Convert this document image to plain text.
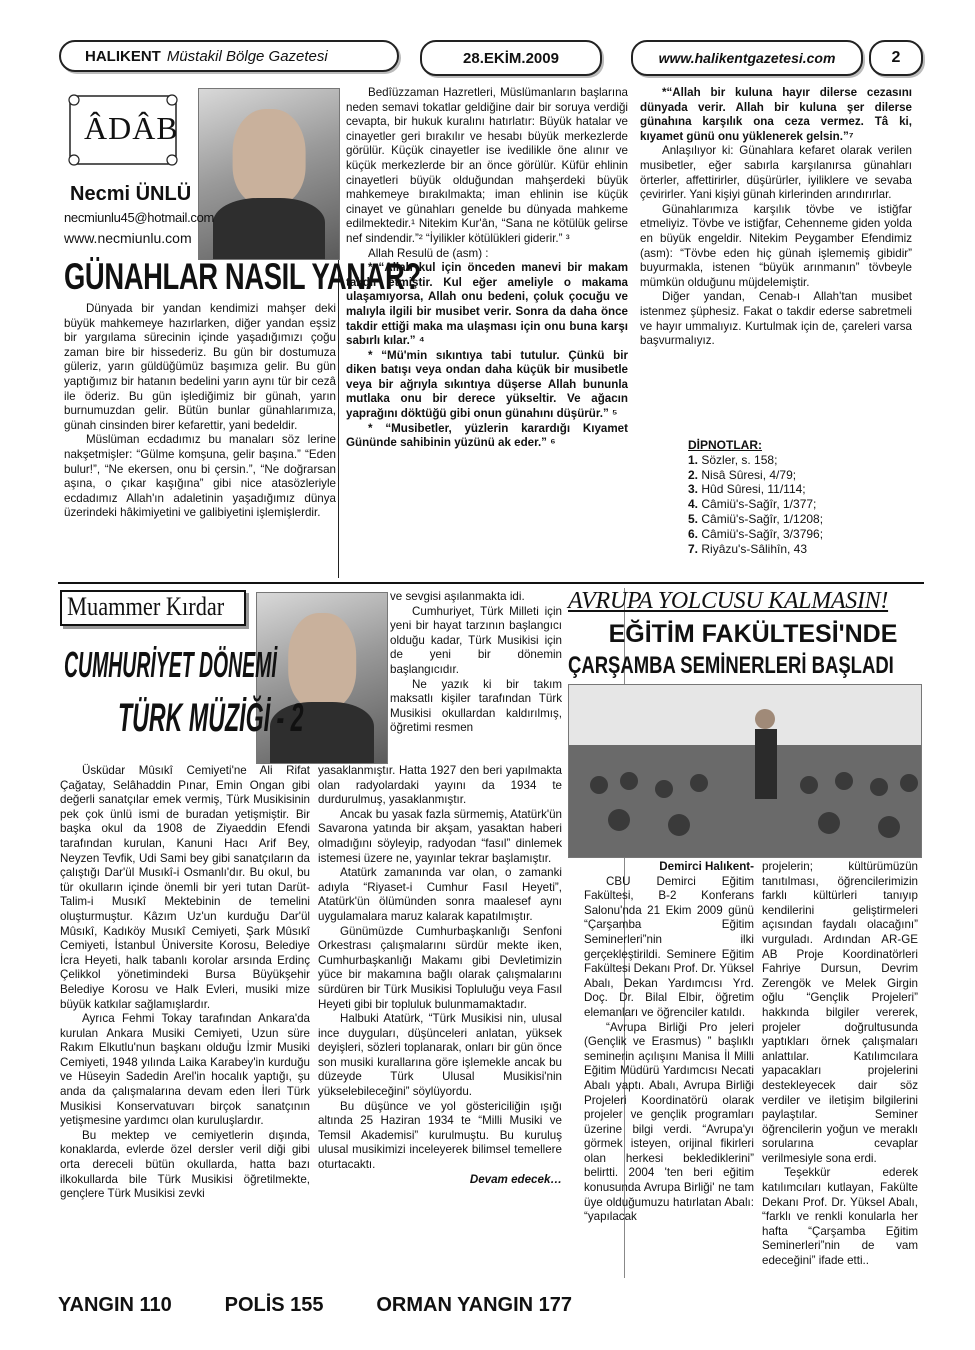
HALIKENT Müstakil Bölge Gazetesi	28.EKİM.2009	www.halikentgazetesi.com	2
ÂDÂB
Necmi ÜNLÜ
necmiunlu45@hotmail.com
www.necmiunlu.com
GÜNAHLAR NASIL YANAR?

Dünyada bir yandan kendimizi mahşer deki büyük mahkemeye hazırlarken, diğer yandan eşsiz bir yargılama sürecinin içinde yaşadığımızı çoğu zaman bire bir hissederiz. Bu gün bir dostumuza güleriz, yarın güldüğümüz başımıza gelir. Bu gün yaptığımız bir hatanın bedelini yarın aynı tür bir cezâ ile öderiz. Bu gün işlediğimiz bir günah, yarın burnumuzdan gelir. Bütün bunlar günahlarımıza, günah cinsinden birer kefarettir, yani bedeldir.

Müslüman ecdadımız bu manaları söz lerine nakşetmişler: “Gülme komşuna, gelir başına.” “Eden bulur!”, “Ne ekersen, onu bi çersin.”, “Ne doğrarsan aşına, o çıkar kaşığına” gibi nice atasözleriyle ecdadımız Allah'ın adaletinin yaşadığımız dünya üzerindeki hâkimiyetini ve galibiyetini işlemişlerdir.

Bedîüzzaman Hazretleri, Müslümanların başlarına neden semavi tokatlar geldiğine dair bir soruya verdiği cevapta, bir hukuk kuralını hatırlatır: Büyük hatalar ve cinayetler geri bırakılır ve hesabı büyük merkezlerde görülür. Küçük cinayetler ise ivedilikle öne alınır ve küçük merkezlerde bir an önce görülür. Küfür ehlinin cinayetleri büyük olduğundan mahşerdeki büyük mahkemeye bırakılmakta; iman ehlinin ise küçük cinayet ve günahları genelde bu dünyada mahkeme edilmektedir.¹ Nitekim Kur'ân, “Sana ne kötülük gelirse nef sindendir.”² “İyilikler kötülükleri giderir.” ³

Allah Resulü de (asm) :

* “Allah kul için önceden manevi bir makam takdir etmiştir. Kul eğer ameliyle o makama ulaşamıyorsa, Allah onu bedeni, çoluk çocuğu ve malıyla ilgili bir musibet verir. Sonra da daha önce takdir ettiği maka ma ulaşması için onu buna karşı sabırlı kılar.” ⁴

* “Mü'min sıkıntıya tabi tutulur. Çünkü bir diken batışı veya ondan daha küçük bir musibetle veya bir ağrıyla sıkıntıya düşerse Allah bununla mutlaka onu bir derece yükseltir. Ve ağacın yaprağını döktüğü gibi onun günahını düşürür.” ⁵

* “Musibetler, yüzlerin karardığı Kıyamet Gününde sahibinin yüzünü ak eder.” ⁶

*“Allah bir kuluna hayır dilerse cezasını dünyada verir. Allah bir kuluna şer dilerse günahına karşılık ona ceza vermez. Tâ ki, kıyamet günü onu yüklenerek gelsin.”⁷

Anlaşılıyor ki: Günahlara kefaret olarak verilen musibetler, eğer sabırla karşılanırsa günahları örterler, affettirirler, düşürürler, iyiliklere ve sevaba çevirirler. Yani kişiyi günah kirlerinden arındırırlar.

Günahlarımıza karşılık tövbe ve istiğfar etmeliyiz. Tövbe ve istiğfar, Cehenneme giden yolda en büyük engeldir. Nitekim Peygamber Efendimiz (asm): “Tövbe eden hiç günah işlememiş gibidir” buyurmakla, istenen “büyük arınmanın” tövbeyle mümkün olduğunu müjdelemiştir.

Diğer yandan, Cenab-ı Allah'tan musibet istenmez şüphesiz. Fakat o takdir ederse sabretmeli ve hayır ummalıyız. Kurtulmak için de, çareleri varsa başvurmalıyız.

DİPNOTLAR:
1. Sözler, s. 158;
2. Nisâ Sûresi, 4/79;
3. Hûd Sûresi, 11/114;
4. Câmiü's-Sağîr, 1/377;
5. Câmiü's-Sağîr, 1/1208;
6. Câmiü's-Sağîr, 3/3796;
7. Riyâzu's-Sâlihîn, 43
Muammer Kırdar
CUMHURİYET DÖNEMİ
TÜRK MÜZİĞİ - 2

Üsküdar Mûsıkî Cemiyeti'ne Ali Rifat Çağatay, Selâhaddin Pınar, Emin Ongan gibi değerli sanatçılar emek vermiş, Türk Musikisinin pek çok ünlü ismi de buradan yetişmiştir. Bir başka okul da 1908 de Ziyaeddin Efendi tarafından kurulan, Kanuni Hacı Arif Bey, Neyzen Tevfik, Udi Sami bey gibi sanatçıların da çalıştığı Dar'ül Musıkî-i Osmanlı'dır. Bu okul, bu tür okulların içinde önemli bir yeri tutan Darüt-Talim-i Musıkî Mektebinin de temelini oluşturmuştur. Kâzım Uz'un kurduğu Dar'ül Mûsıkî, Kadıköy Musıkî Cemiyeti, Şark Mûsıkî Cemiyeti, İstanbul Üniversite Korosu, Belediye İcra Heyeti, halk tabanlı korolar arsında Erdinç Çelikkol yönetimindeki Bursa Büyükşehir Belediye Korosu ve Halk Evleri, musiki mize büyük katkılar sağlamışlardır.

Ayrıca Fehmi Tokay tarafından Ankara'da kurulan Ankara Musiki Cemiyeti, Uzun süre Rakım Elkutlu'nun başkanı olduğu İzmir Musiki Cemiyeti, 1948 yılında Laika Karabey'in kurduğu ve Hüseyin Sadedin Arel'in hocalık yaptığı, şu anda da çalışmalarına devam eden İleri Türk Musikisi Konservatuvarı birçok sanatçının yetişmesine yardımcı olan kuruluşlardır.

Bu mektep ve cemiyetlerin dışında, konaklarda, evlerde özel dersler veril diği gibi orta dereceli bütün okullarda, hatta bazı ilkokullarda bile Türk Musikisi öğretilmekte, gençlere Türk Musikisi zevki

ve sevgisi aşılanmakta idi.

Cumhuriyet, Türk Milleti için yeni bir hayat tarzının başlangıcı olduğu kadar, Türk Musikisi için de yeni bir dönemin başlangıcıdır.

Ne yazık ki bir takım maksatlı kişiler tarafından Türk Musikisi okullardan kaldırılmış, öğretimi resmen

yasaklanmıştır. Hatta 1927 den beri yapılmakta olan radyolardaki yayını da 1934 te durdurulmuş, yasaklanmıştır.

Ancak bu yasak fazla sürmemiş, Atatürk'ün Savarona yatında bir akşam, yasaktan haberi olmadığını söyleyip, radyodan “fasıl” dinlemek istemesi üzere ne, yayınlar tekrar başlamıştır.

Atatürk zamanında var olan, o zamanki adıyla “Riyaset-i Cumhur Fasıl Heyeti”, Atatürk'ün ölümünden sonra maalesef aynı uygulamalara maruz kalarak kapatılmıştır.

Günümüzde Cumhurbaşkanlığı Senfoni Orkestrası çalışmalarını sürdür mekte iken, Cumhurbaşkanlığı Makamı gibi Devletimizin yüce bir makamına bağlı olarak çalışmalarını sürdüren bir Türk Musikisi Topluluğu veya Fasıl Heyeti gibi bir topluluk bulunmamaktadır.

Halbuki Atatürk, “Türk Musikisi nin, ulusal ince duyguları, düşünceleri anlatan, yüksek deyişleri, sözleri toplanarak, onları bir gün önce son musiki kurallarına göre işlemekle ancak bu düzeyde Türk Ulusal Musikisi'nin yükselebileceğini” söylüyordu.

Bu düşünce ve yol göstericiliğin ışığı altında 25 Haziran 1934 te “Milli Musiki ve Temsil Akademisi” kurulmuştu. Bu kuruluş ulusal musikimizi inceleyerek bilimsel temellere oturtacaktı.

Devam edecek…

AVRUPA YOLCUSU KALMASIN!
EĞİTİM FAKÜLTESİ'NDE
ÇARŞAMBA SEMİNERLERİ BAŞLADI

Demirci Halıkent-

CBU Demirci Eğitim Fakültesi, B-2 Konferans Salonu'nda 21 Ekim 2009 günü “Çarşamba Eğitim Seminerleri”nin ilki gerçekleştirildi. Seminere Eğitim Fakültesi Dekanı Prof. Dr. Yüksel Abalı, Dekan Yardımcısı Yrd. Doç. Dr. Bilal Elbir, öğretim elemanları ve öğrenciler katıldı.

“Avrupa Birliği Pro jeleri (Gençlik ve Erasmus) ” başlıklı seminerin açılışını Manisa İl Milli Eğitim Müdürü Yardımcısı Necati Abalı yaptı. Abalı, Avrupa Birliği Projeleri Koordinatörü olarak projeler ve gençlik programları üzerine bilgi verdi. “Avrupa'yı görmek isteyen, orijinal fikirleri olan herkesi beklediklerini” belirtti. 2004 'ten beri eğitim konusunda Avrupa Birliği' ne tam üye olduğumuzu hatırlatan Abalı: “yapılacak

projelerin; kültürümüzün tanıtılması, öğrencilerimizin farklı kültürleri tanıyıp kendilerini geliştirmeleri açısından faydalı olacağını” vurguladı. Ardından AR-GE AB Proje Koordinatörleri Fahriye Dursun, Devrim Zerengök ve Melek Girgin oğlu “Gençlik Projeleri” hakkında bilgiler vererek, projeler doğrultusunda yaptıkları örnek çalışmaları anlattılar. Katılımcılara yapacakları projelerini destekleyecek dair söz verdiler ve iletişim bilgilerini paylaştılar. Seminer öğrencilerin yoğun ve meraklı sorularına cevaplar verilmesiyle sona erdi.

Teşekkür ederek katılımcıları kutlayan, Fakülte Dekanı Prof. Dr. Yüksel Abalı, “farklı ve renkli konularla her hafta “Çarşamba Eğitim Seminerleri”nin de vam edeceğini” ifade etti..

YANGIN 110	POLİS 155	ORMAN YANGIN 177
